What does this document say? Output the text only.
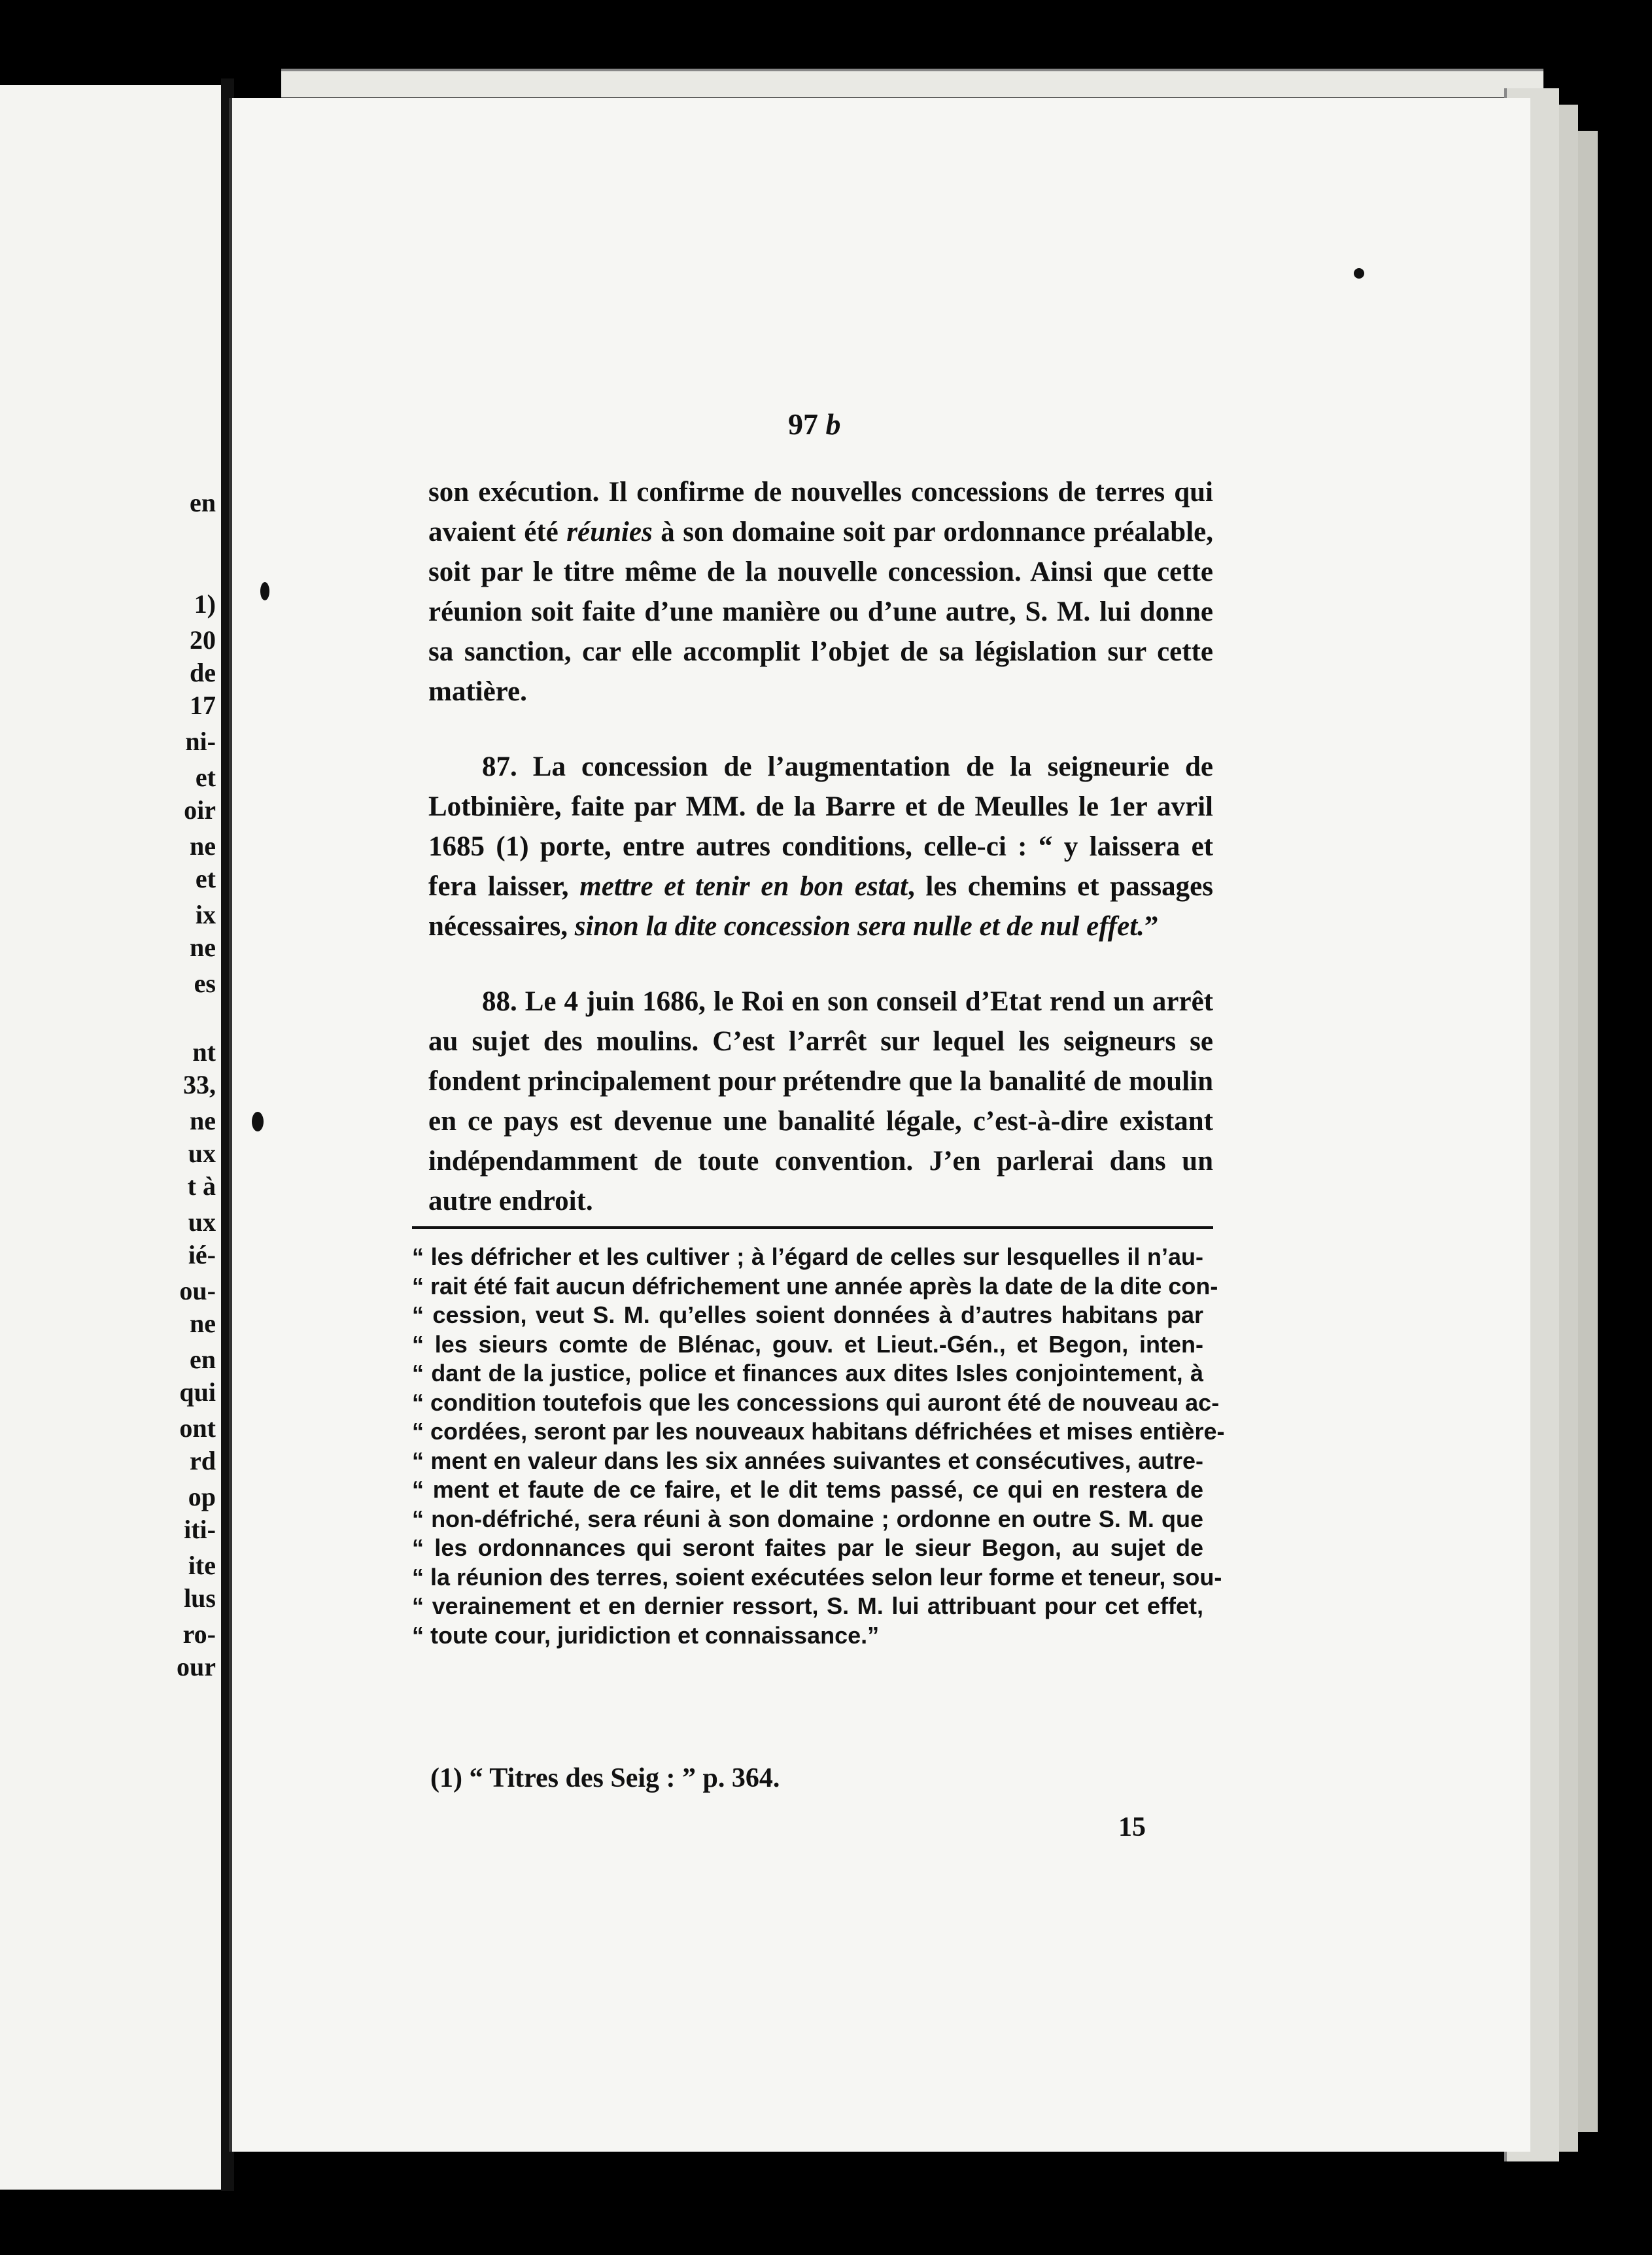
en
1)
20
de
17
ni-
et
oir
ne
et
ix
ne
es
nt
33,
ne
ux
t à
ux
ié-
ou-
ne
en
qui
ont
rd
op
iti-
ite
lus
ro-
our
97 b

son exécution. Il confirme de nouvelles concessions de terres qui avaient été réunies à son domaine soit par ordonnance préalable, soit par le titre même de la nouvelle concession. Ainsi que cette réunion soit faite d’une manière ou d’une autre, S. M. lui donne sa sanction, car elle accomplit l’objet de sa législation sur cette matière.

87. La concession de l’augmentation de la seigneurie de Lotbinière, faite par MM. de la Barre et de Meulles le 1er avril 1685 (1) porte, entre autres conditions, celle-ci : “ y laissera et fera laisser, mettre et tenir en bon estat, les chemins et passages nécessaires, sinon la dite concession sera nulle et de nul effet.”

88. Le 4 juin 1686, le Roi en son conseil d’Etat rend un arrêt au sujet des moulins. C’est l’arrêt sur lequel les seigneurs se fondent principalement pour prétendre que la banalité de moulin en ce pays est devenue une banalité légale, c’est-à-dire existant indépendamment de toute convention. J’en parlerai dans un autre endroit.

“ les défricher et les cultiver ; à l’égard de celles sur lesquelles il n’au-
“ rait été fait aucun défrichement une année après la date de la dite con-
“ cession, veut S. M. qu’elles soient données à d’autres habitans par
“ les sieurs comte de Blénac, gouv. et Lieut.-Gén., et Begon, inten-
“ dant de la justice, police et finances aux dites Isles conjointement, à
“ condition toutefois que les concessions qui auront été de nouveau ac-
“ cordées, seront par les nouveaux habitans défrichées et mises entière-
“ ment en valeur dans les six années suivantes et consécutives, autre-
“ ment et faute de ce faire, et le dit tems passé, ce qui en restera de
“ non-défriché, sera réuni à son domaine ; ordonne en outre S. M. que
“ les ordonnances qui seront faites par le sieur Begon, au sujet de
“ la réunion des terres, soient exécutées selon leur forme et teneur, sou-
“ verainement et en dernier ressort, S. M. lui attribuant pour cet effet,
“ toute cour, juridiction et connaissance.”
(1) “ Titres des Seig : ” p. 364.
15
